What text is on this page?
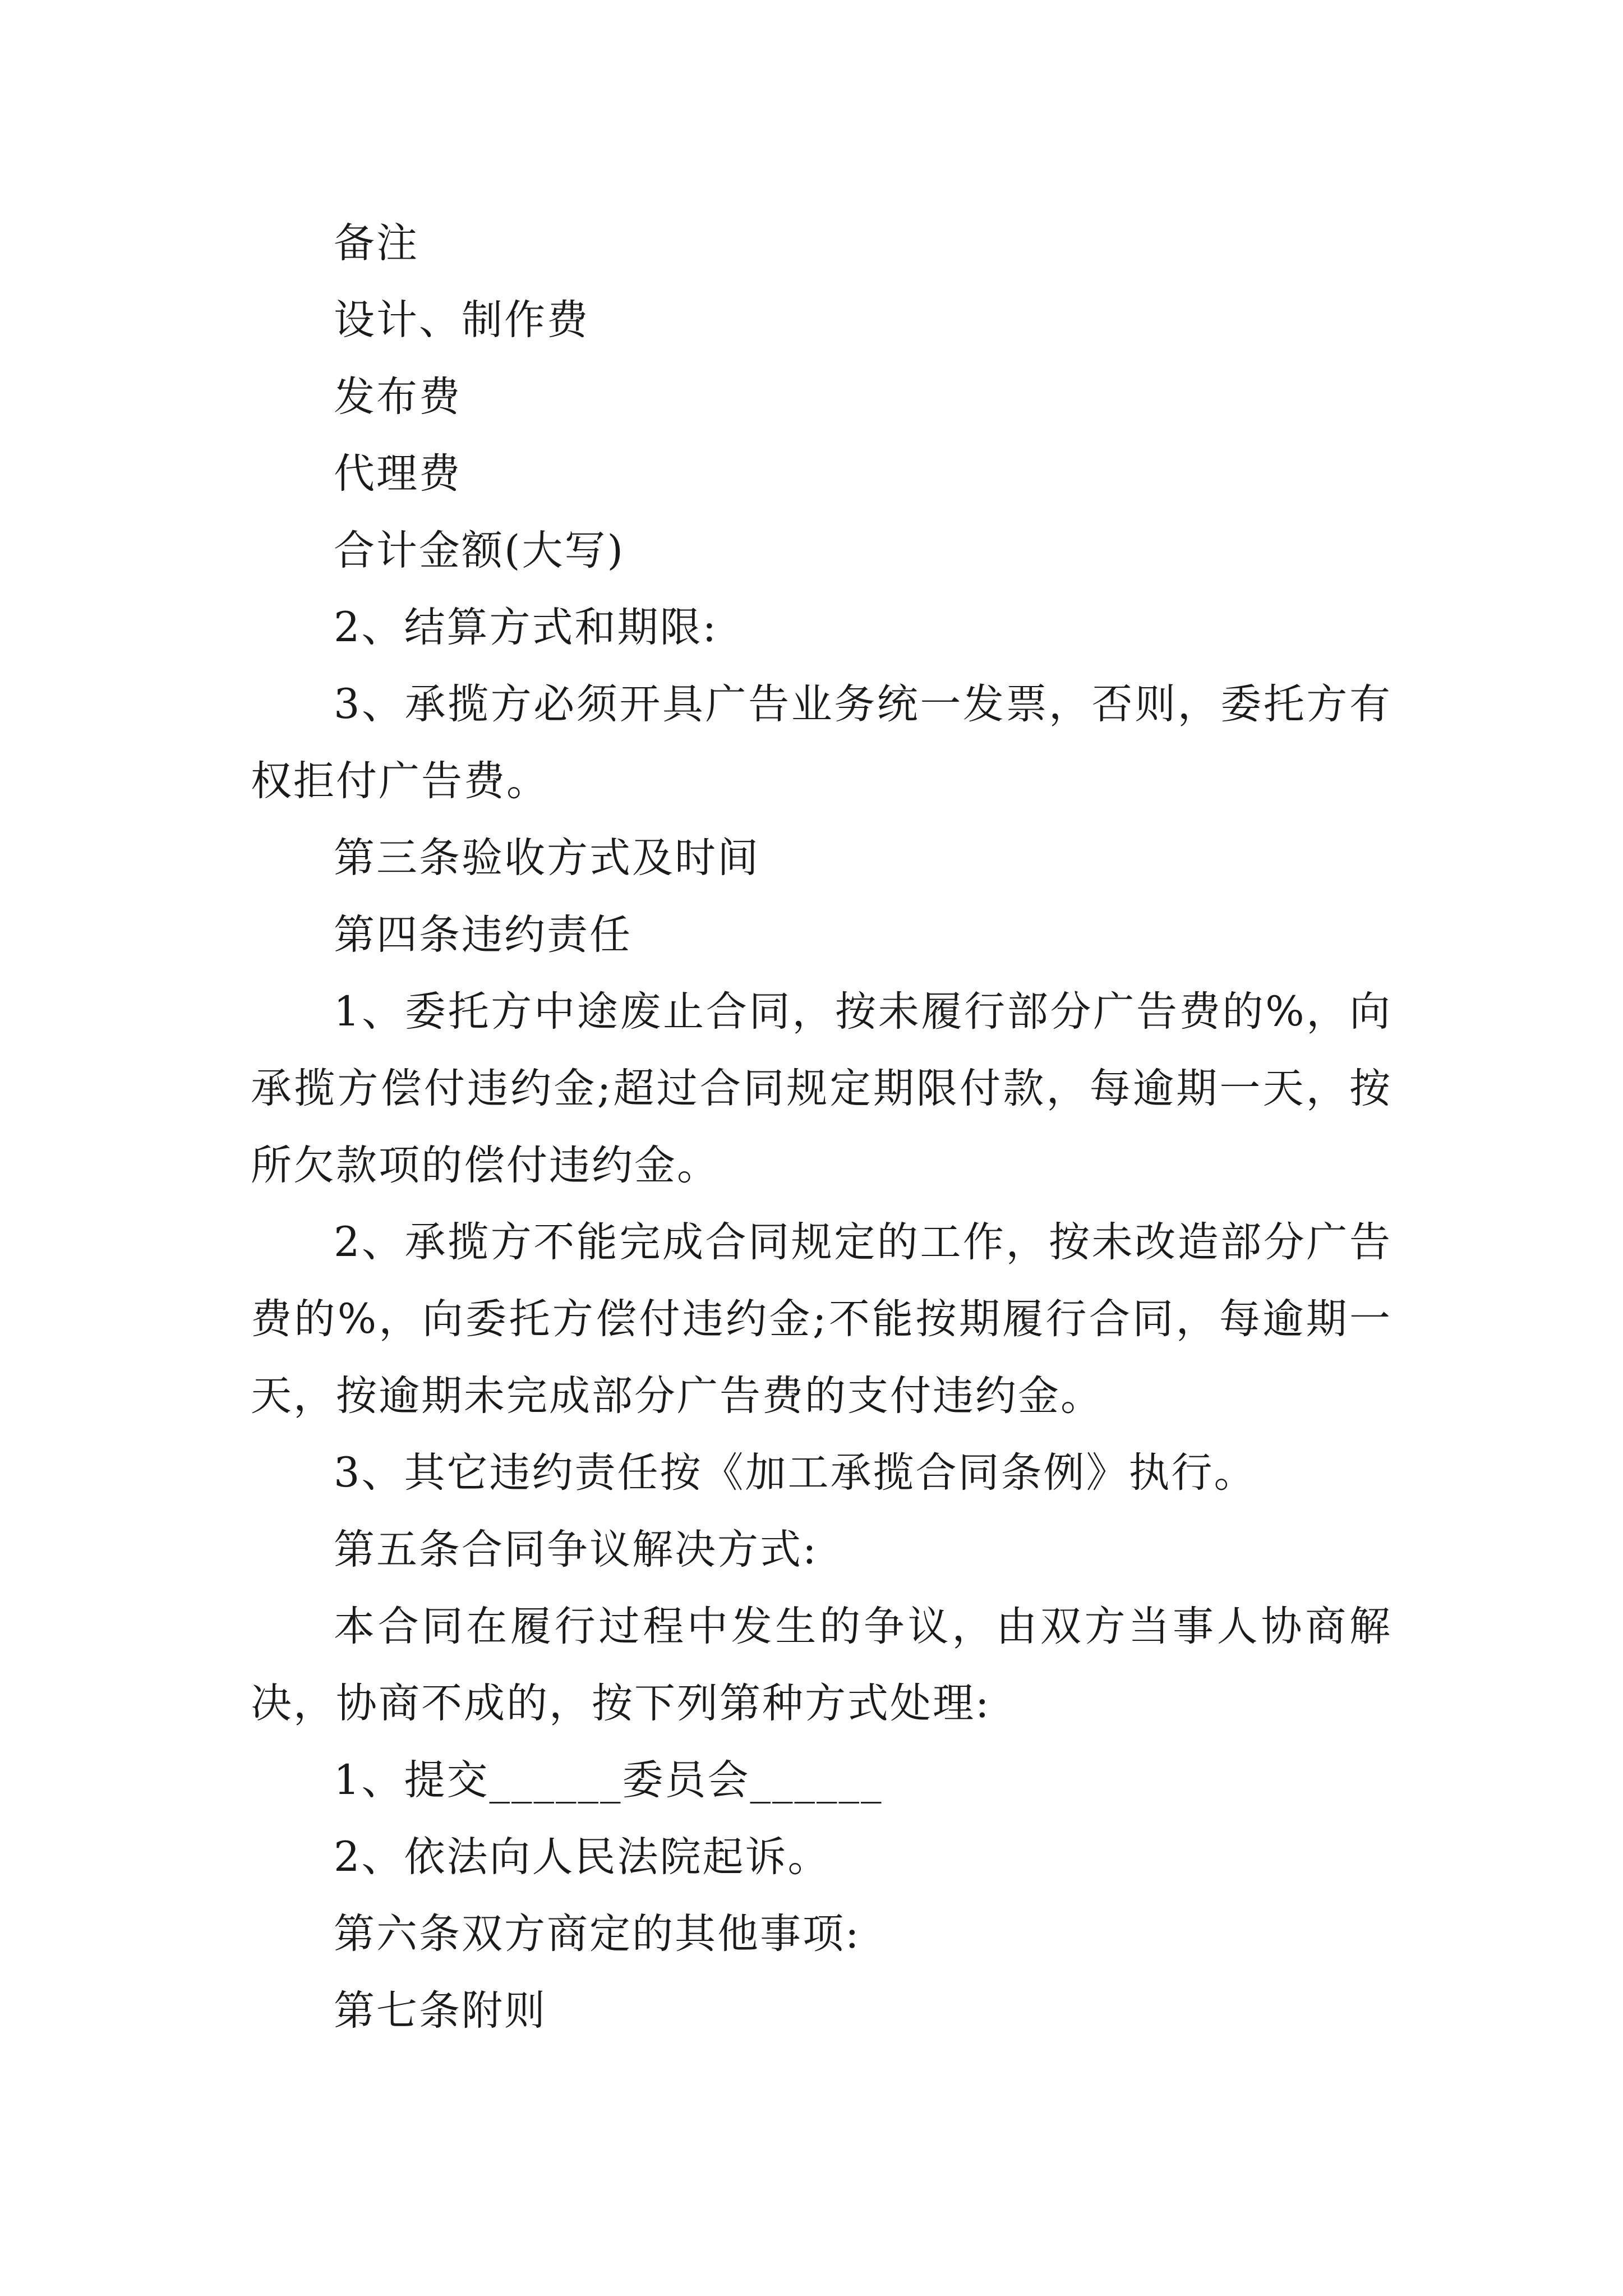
备注

设计、制作费

发布费

代理费

合计金额(大写)

2、结算方式和期限:

3、承揽方必须开具广告业务统一发票，否则，委托方有权拒付广告费。

第三条验收方式及时间

第四条违约责任

1、委托方中途废止合同，按未履行部分广告费的%，向承揽方偿付违约金;超过合同规定期限付款，每逾期一天，按所欠款项的偿付违约金。

2、承揽方不能完成合同规定的工作，按未改造部分广告费的%，向委托方偿付违约金;不能按期履行合同，每逾期一天，按逾期未完成部分广告费的支付违约金。

3、其它违约责任按《加工承揽合同条例》执行。

第五条合同争议解决方式:

本合同在履行过程中发生的争议，由双方当事人协商解决，协商不成的，按下列第种方式处理:

1、提交______委员会______

2、依法向人民法院起诉。

第六条双方商定的其他事项:

第七条附则
